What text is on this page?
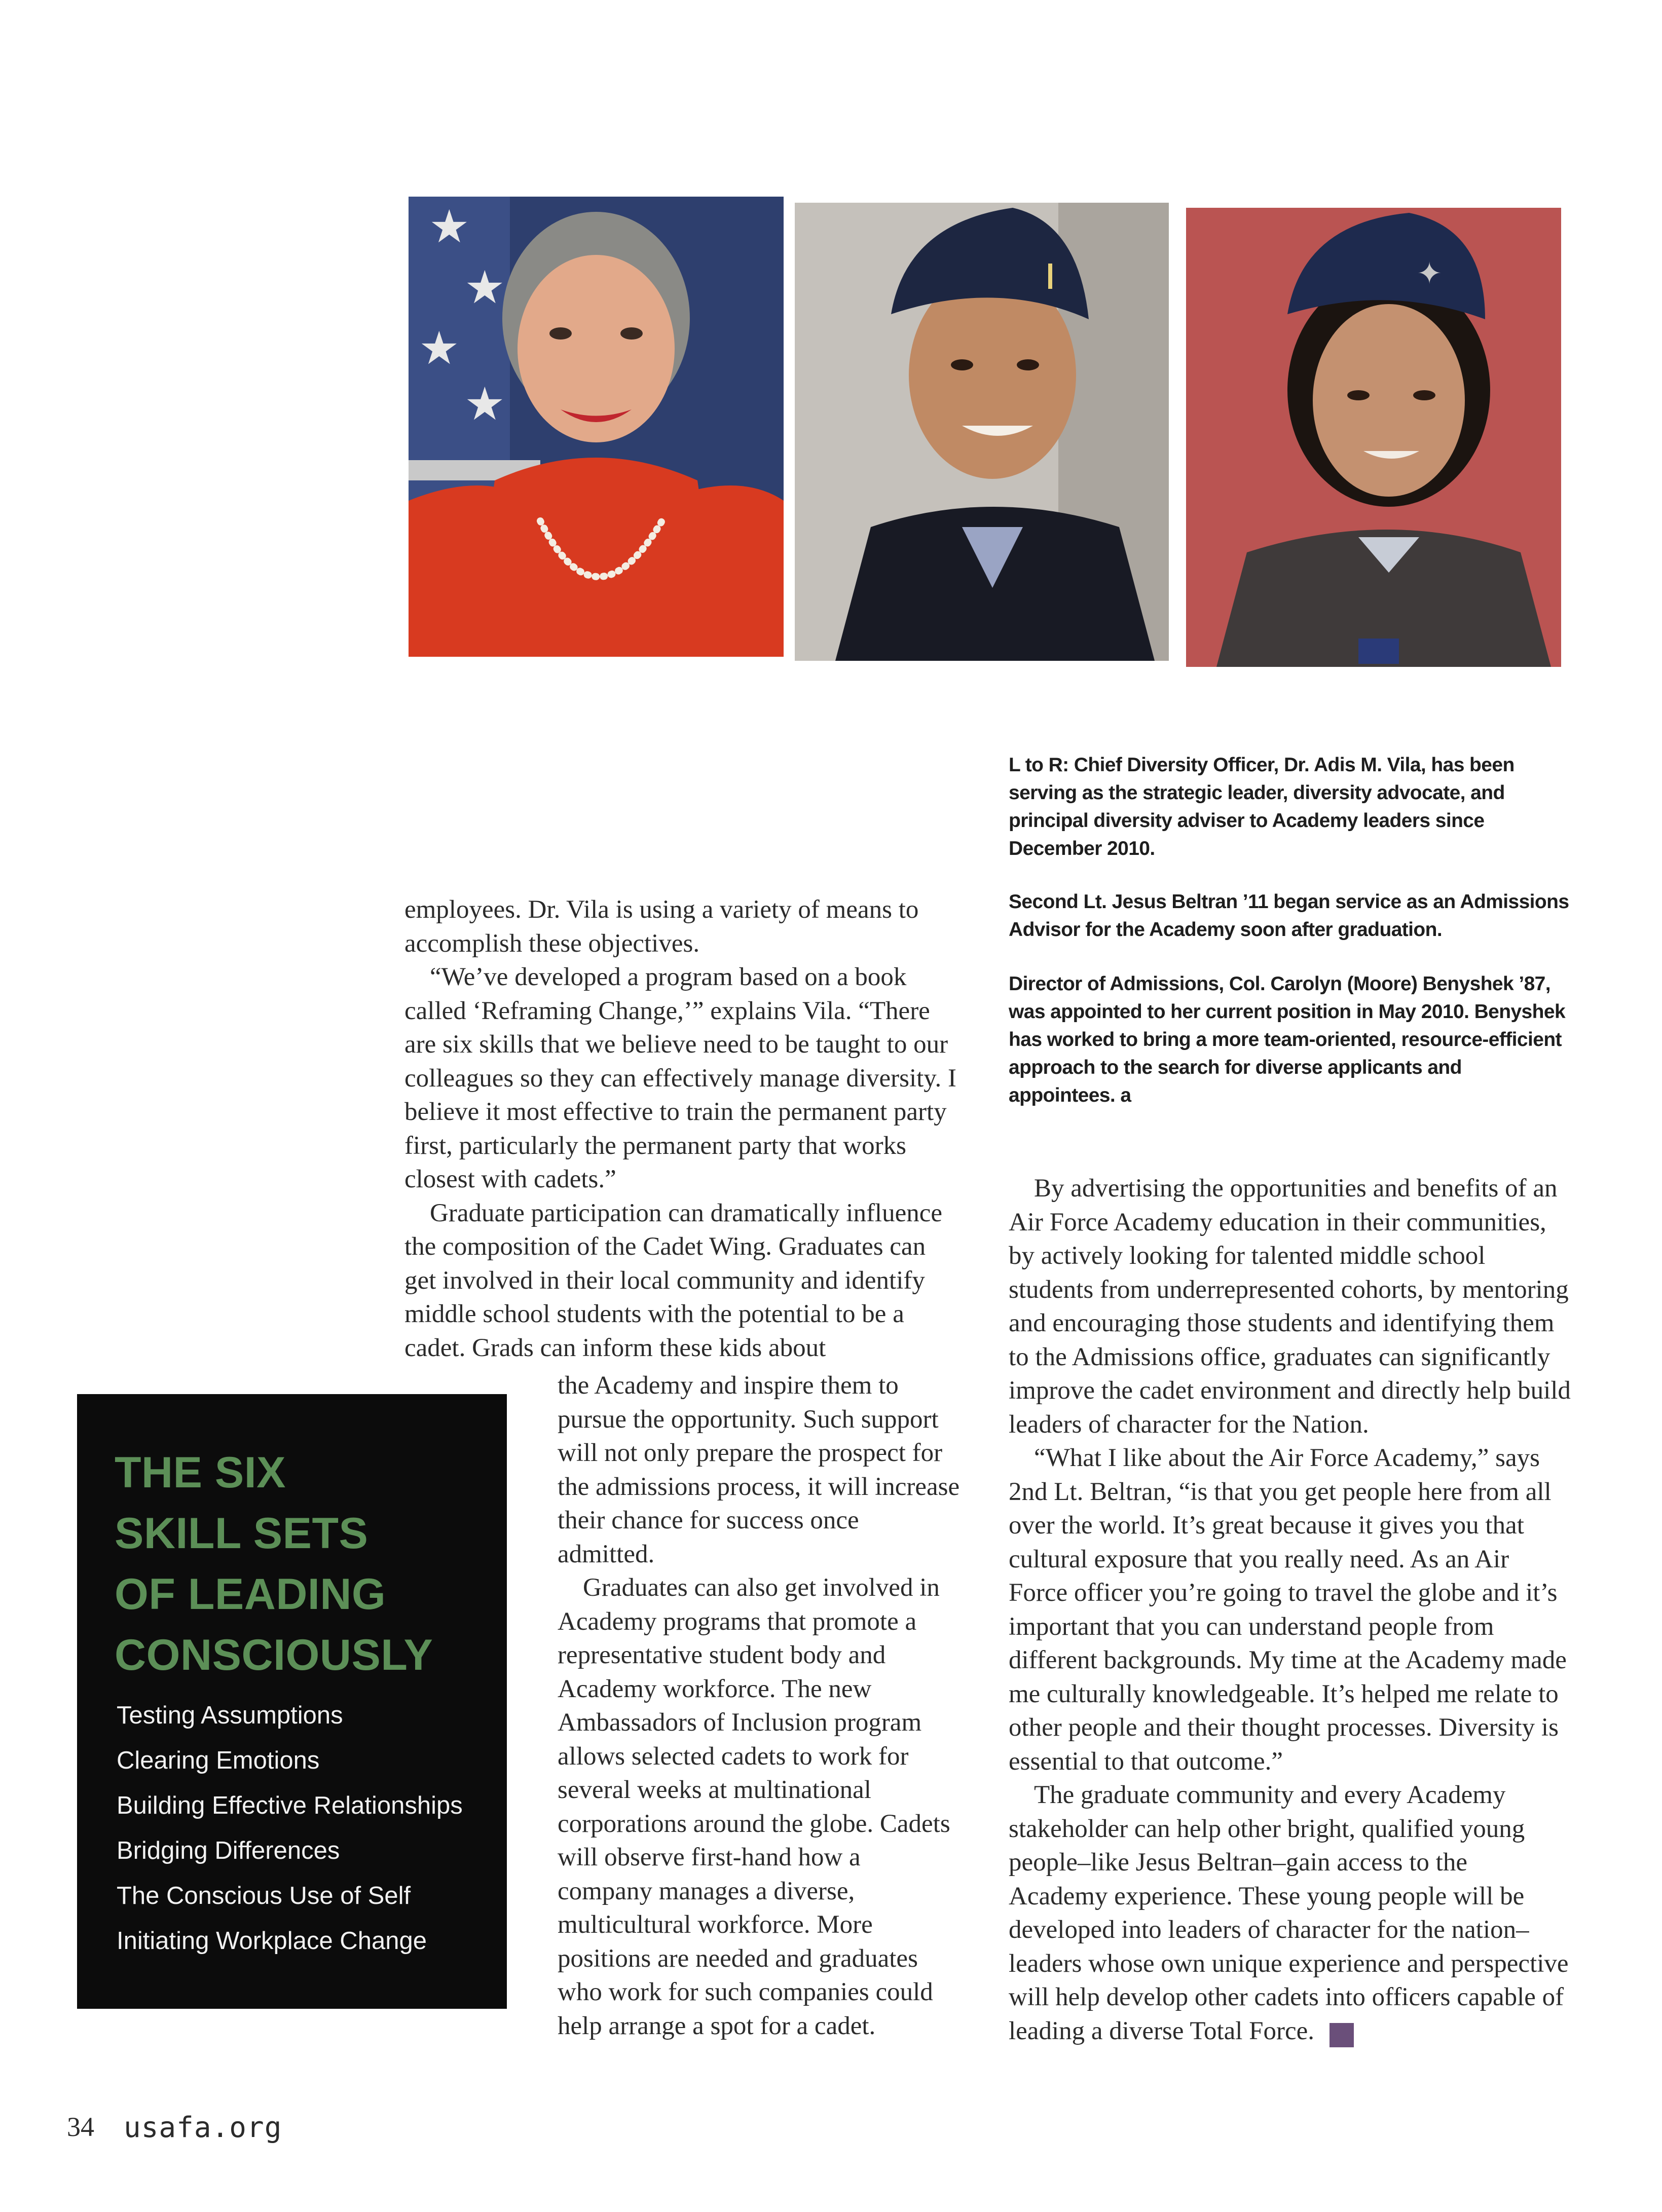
★
★
★
★
✦
L to R: Chief Diversity Officer, Dr. Adis M. Vila, has been serving as the strategic leader, diversity advocate, and principal diversity adviser to Academy leaders since December 2010.
Second Lt. Jesus Beltran ’11 began service as an Admissions Advisor for the Academy soon after graduation.
Director of Admissions, Col. Carolyn (Moore) Benyshek ’87, was appointed to her current position in May 2010. Benyshek has worked to bring a more team-oriented, resource-efficient approach to the search for diverse applicants and appointees. a

employees. Dr. Vila is using a variety of means to accomplish these objectives.

“We’ve developed a program based on a book called ‘Reframing Change,’” explains Vila. “There are six skills that we believe need to be taught to our colleagues so they can effectively manage diversity. I believe it most effective to train the permanent party first, particularly the permanent party that works closest with cadets.”

Graduate participation can dramatically influence the composition of the Cadet Wing. Graduates can get involved in their local community and identify middle school students with the potential to be a cadet. Grads can inform these kids about

the Academy and inspire them to pursue the opportunity. Such support will not only prepare the prospect for the admissions process, it will increase their chance for success once admitted.

Graduates can also get involved in Academy programs that promote a representative student body and Academy workforce. The new Ambassadors of Inclusion program allows selected cadets to work for several weeks at multinational corporations around the globe. Cadets will observe first-hand how a company manages a diverse, multicultural workforce. More positions are needed and graduates who work for such companies could help arrange a spot for a cadet.

By advertising the opportunities and benefits of an Air Force Academy education in their communities, by actively looking for talented middle school students from underrepresented cohorts, by mentoring and encouraging those students and identifying them to the Admissions office, graduates can significantly improve the cadet environment and directly help build leaders of character for the Nation.

“What I like about the Air Force Academy,” says 2nd Lt. Beltran, “is that you get people here from all over the world. It’s great because it gives you that cultural exposure that you really need. As an Air Force officer you’re going to travel the globe and it’s important that you can understand people from different backgrounds. My time at the Academy made me culturally knowledgeable. It’s helped me relate to other people and their thought processes. Diversity is essential to that outcome.”

The graduate community and every Academy stakeholder can help other bright, qualified young people–like Jesus Beltran–gain access to the Academy experience. These young people will be developed into leaders of character for the nation–leaders whose own unique experience and perspective will help develop other cadets into officers capable of leading a diverse Total Force. ✓

THE SIX
SKILL SETS
OF LEADING
CONSCIOUSLY
Testing Assumptions
Clearing Emotions
Building Effective Relationships
Bridging Differences
The Conscious Use of Self
Initiating Workplace Change
34 usafa.org
